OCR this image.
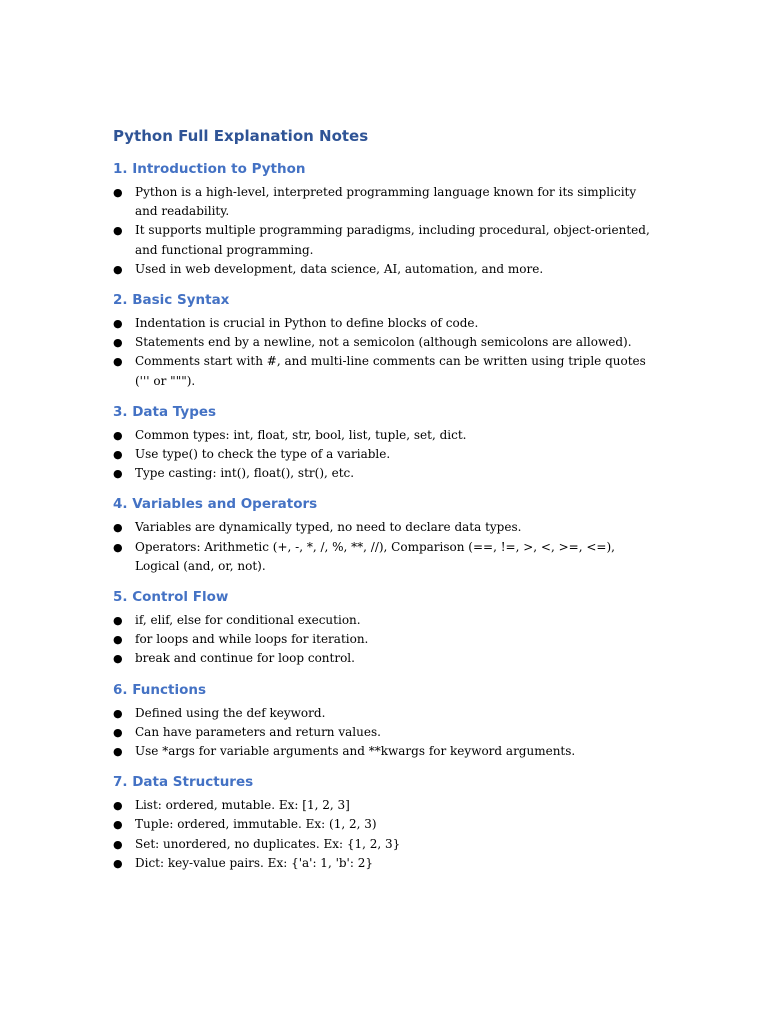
Python Full Explanation Notes
1. Introduction to Python
● Python is a high-level, interpreted programming language known for its simplicity and readability.
● It supports multiple programming paradigms, including procedural, object-oriented, and functional programming.
● Used in web development, data science, AI, automation, and more.
2. Basic Syntax
● Indentation is crucial in Python to define blocks of code.
● Statements end by a newline, not a semicolon (although semicolons are allowed).
● Comments start with #, and multi-line comments can be written using triple quotes (''' or """).
3. Data Types
● Common types: int, float, str, bool, list, tuple, set, dict.
● Use type() to check the type of a variable.
● Type casting: int(), float(), str(), etc.
4. Variables and Operators
● Variables are dynamically typed, no need to declare data types.
● Operators: Arithmetic (+, -, *, /, %, **, //), Comparison (==, !=, >, <, >=, <=), Logical (and, or, not).
5. Control Flow
● if, elif, else for conditional execution.
● for loops and while loops for iteration.
● break and continue for loop control.
6. Functions
● Defined using the def keyword.
● Can have parameters and return values.
● Use *args for variable arguments and **kwargs for keyword arguments.
7. Data Structures
● List: ordered, mutable. Ex: [1, 2, 3]
● Tuple: ordered, immutable. Ex: (1, 2, 3)
● Set: unordered, no duplicates. Ex: {1, 2, 3}
● Dict: key-value pairs. Ex: {'a': 1, 'b': 2}
